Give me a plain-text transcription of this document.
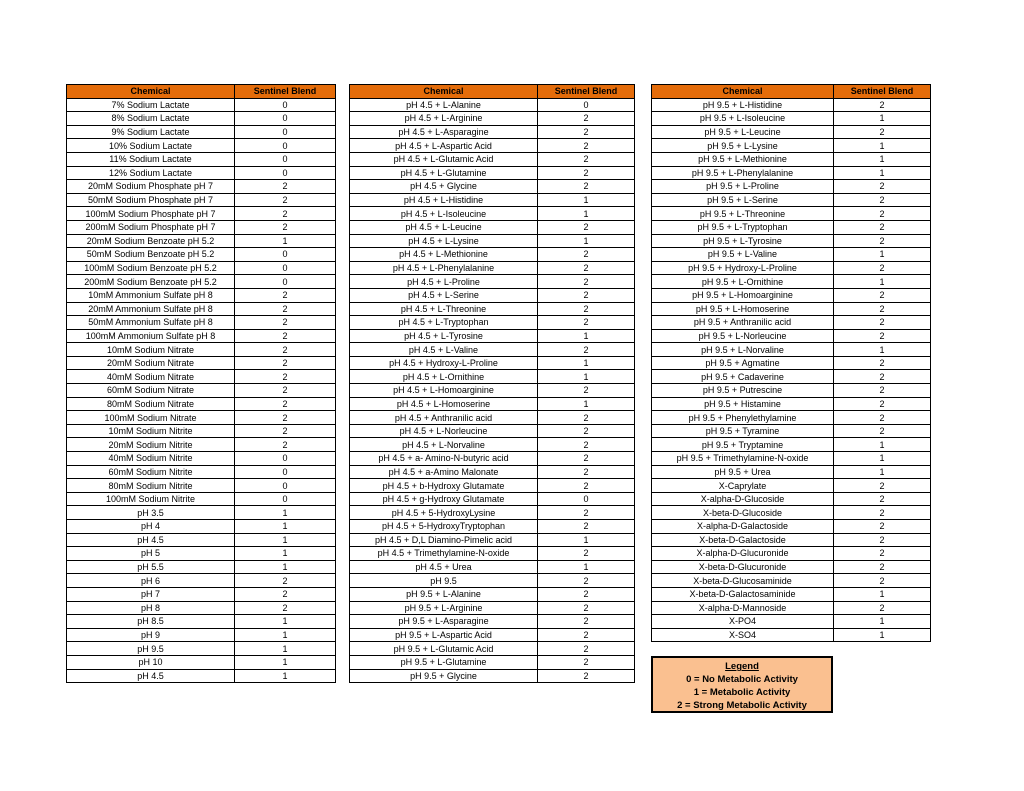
Chemical	Sentinel Blend
7% Sodium Lactate	0
8% Sodium Lactate	0
9% Sodium Lactate	0
10% Sodium Lactate	0
11% Sodium Lactate	0
12% Sodium Lactate	0
20mM Sodium Phosphate pH 7	2
50mM Sodium Phosphate pH 7	2
100mM Sodium Phosphate pH 7	2
200mM Sodium Phosphate pH 7	2
20mM Sodium Benzoate pH 5.2	1
50mM Sodium Benzoate pH 5.2	0
100mM Sodium Benzoate pH 5.2	0
200mM Sodium Benzoate pH 5.2	0
10mM Ammonium Sulfate pH 8	2
20mM Ammonium Sulfate pH 8	2
50mM Ammonium Sulfate pH 8	2
100mM Ammonium Sulfate pH 8	2
10mM Sodium Nitrate	2
20mM Sodium Nitrate	2
40mM Sodium Nitrate	2
60mM Sodium Nitrate	2
80mM Sodium Nitrate	2
100mM Sodium Nitrate	2
10mM Sodium Nitrite	2
20mM Sodium Nitrite	2
40mM Sodium Nitrite	0
60mM Sodium Nitrite	0
80mM Sodium Nitrite	0
100mM Sodium Nitrite	0
pH 3.5	1
pH 4	1
pH 4.5	1
pH 5	1
pH 5.5	1
pH 6	2
pH 7	2
pH 8	2
pH 8.5	1
pH 9	1
pH 9.5	1
pH 10	1
pH 4.5	1
Chemical	Sentinel Blend
pH 4.5 + L-Alanine	0
pH 4.5 + L-Arginine	2
pH 4.5 + L-Asparagine	2
pH 4.5 + L-Aspartic Acid	2
pH 4.5 + L-Glutamic Acid	2
pH 4.5 + L-Glutamine	2
pH 4.5 + Glycine	2
pH 4.5 + L-Histidine	1
pH 4.5 + L-Isoleucine	1
pH 4.5 + L-Leucine	2
pH 4.5 + L-Lysine	1
pH 4.5 + L-Methionine	2
pH 4.5 + L-Phenylalanine	2
pH 4.5 + L-Proline	2
pH 4.5 + L-Serine	2
pH 4.5 + L-Threonine	2
pH 4.5 + L-Tryptophan	2
pH 4.5 + L-Tyrosine	1
pH 4.5 + L-Valine	2
pH 4.5 + Hydroxy-L-Proline	1
pH 4.5 + L-Ornithine	1
pH 4.5 + L-Homoarginine	2
pH 4.5 + L-Homoserine	1
pH 4.5 + Anthranilic acid	2
pH 4.5 + L-Norleucine	2
pH 4.5 + L-Norvaline	2
pH 4.5 + a- Amino-N-butyric acid	2
pH 4.5 + a-Amino Malonate	2
pH 4.5 + b-Hydroxy Glutamate	2
pH 4.5 + g-Hydroxy Glutamate	0
pH 4.5 + 5-HydroxyLysine	2
pH 4.5 + 5-HydroxyTryptophan	2
pH 4.5 + D,L Diamino-Pimelic acid	1
pH 4.5 + Trimethylamine-N-oxide	2
pH 4.5 + Urea	1
pH 9.5	2
pH 9.5 + L-Alanine	2
pH 9.5 + L-Arginine	2
pH 9.5 + L-Asparagine	2
pH 9.5 + L-Aspartic Acid	2
pH 9.5 + L-Glutamic Acid	2
pH 9.5 + L-Glutamine	2
pH 9.5 + Glycine	2
Chemical	Sentinel Blend
pH 9.5 + L-Histidine	2
pH 9.5 + L-Isoleucine	1
pH 9.5 + L-Leucine	2
pH 9.5 + L-Lysine	1
pH 9.5 + L-Methionine	1
pH 9.5 + L-Phenylalanine	1
pH 9.5 + L-Proline	2
pH 9.5 + L-Serine	2
pH 9.5 + L-Threonine	2
pH 9.5 + L-Tryptophan	2
pH 9.5 + L-Tyrosine	2
pH 9.5 + L-Valine	1
pH 9.5 + Hydroxy-L-Proline	2
pH 9.5 + L-Ornithine	1
pH 9.5 + L-Homoarginine	2
pH 9.5 + L-Homoserine	2
pH 9.5 + Anthranilic acid	2
pH 9.5 + L-Norleucine	2
pH 9.5 + L-Norvaline	1
pH 9.5 + Agmatine	2
pH 9.5 + Cadaverine	2
pH 9.5 + Putrescine	2
pH 9.5 + Histamine	2
pH 9.5 + Phenylethylamine	2
pH 9.5 + Tyramine	2
pH 9.5 + Tryptamine	1
pH 9.5 + Trimethylamine-N-oxide	1
pH 9.5 + Urea	1
X-Caprylate	2
X-alpha-D-Glucoside	2
X-beta-D-Glucoside	2
X-alpha-D-Galactoside	2
X-beta-D-Galactoside	2
X-alpha-D-Glucuronide	2
X-beta-D-Glucuronide	2
X-beta-D-Glucosaminide	2
X-beta-D-Galactosaminide	1
X-alpha-D-Mannoside	2
X-PO4	1
X-SO4	1
Legend
0 = No Metabolic Activity
1 = Metabolic Activity
2 = Strong Metabolic Activity
